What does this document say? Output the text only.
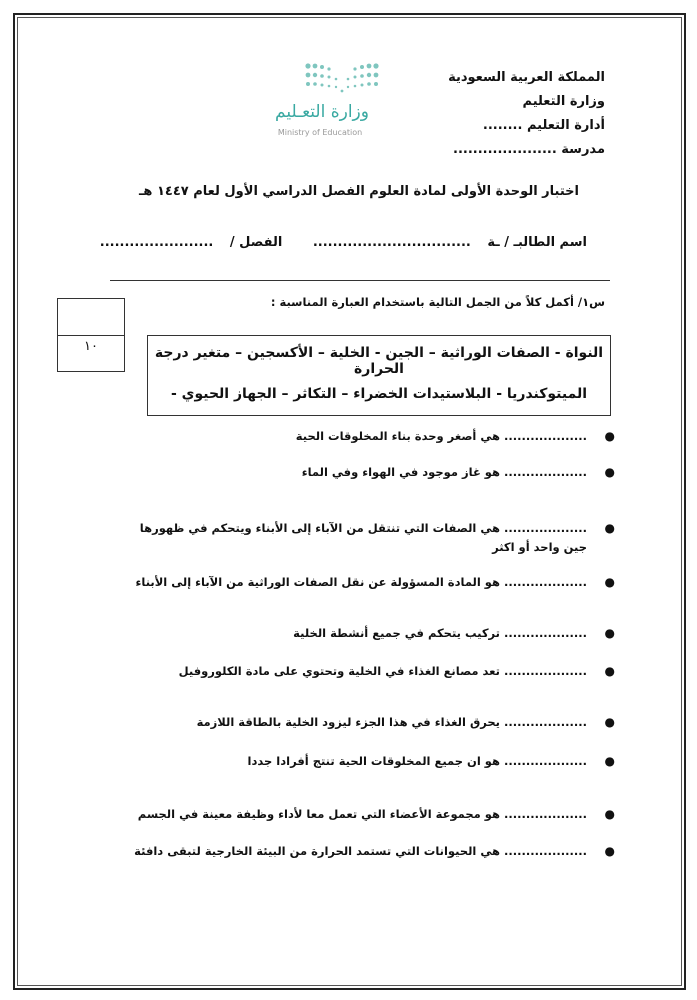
المملكة العربية السعودية
وزارة التعليم
أدارة التعليم ........
مدرسة .....................
وزارة التعـليم
Ministry of Education
اختبار الوحدة الأولى لمادة العلوم الفصل الدراسي الأول لعام ١٤٤٧ هـ
اسم الطالبـ / ـة ................................ الفصل / .......................
س١/ أكمل كلاً من الجمل التالية باستخدام العبارة المناسبة :
١٠	النواة - الصفات الوراثية – الجين - الخلية – الأكسجين – متغير درجة الحرارة
الميتوكندريا - البلاستيدات الخضراء – التكاثر – الجهاز الحيوي -
●
................... هي أصغر وحدة بناء المخلوقات الحية
●
................... هو غاز موجود في الهواء وفي الماء
●
................... هي الصفات التي تنتقل من الآباء إلى الأبناء ويتحكم في ظهورها جين واحد أو اكثر
●
................... هو المادة المسؤولة عن نقل الصفات الوراثية من الآباء إلى الأبناء
●
................... تركيب يتحكم في جميع أنشطة الخلية
●
................... تعد مصانع الغذاء في الخلية وتحتوي على مادة الكلوروفيل
●
................... يحرق الغذاء في هذا الجزء ليزود الخلية بالطاقة اللازمة
●
................... هو ان جميع المخلوقات الحية تنتج أفرادا جددا
●
................... هو مجموعة الأعضاء التي تعمل معا لأداء وظيفة معينة في الجسم
●
................... هي الحيوانات التي تستمد الحرارة من البيئة الخارجية لتبقى دافئة
